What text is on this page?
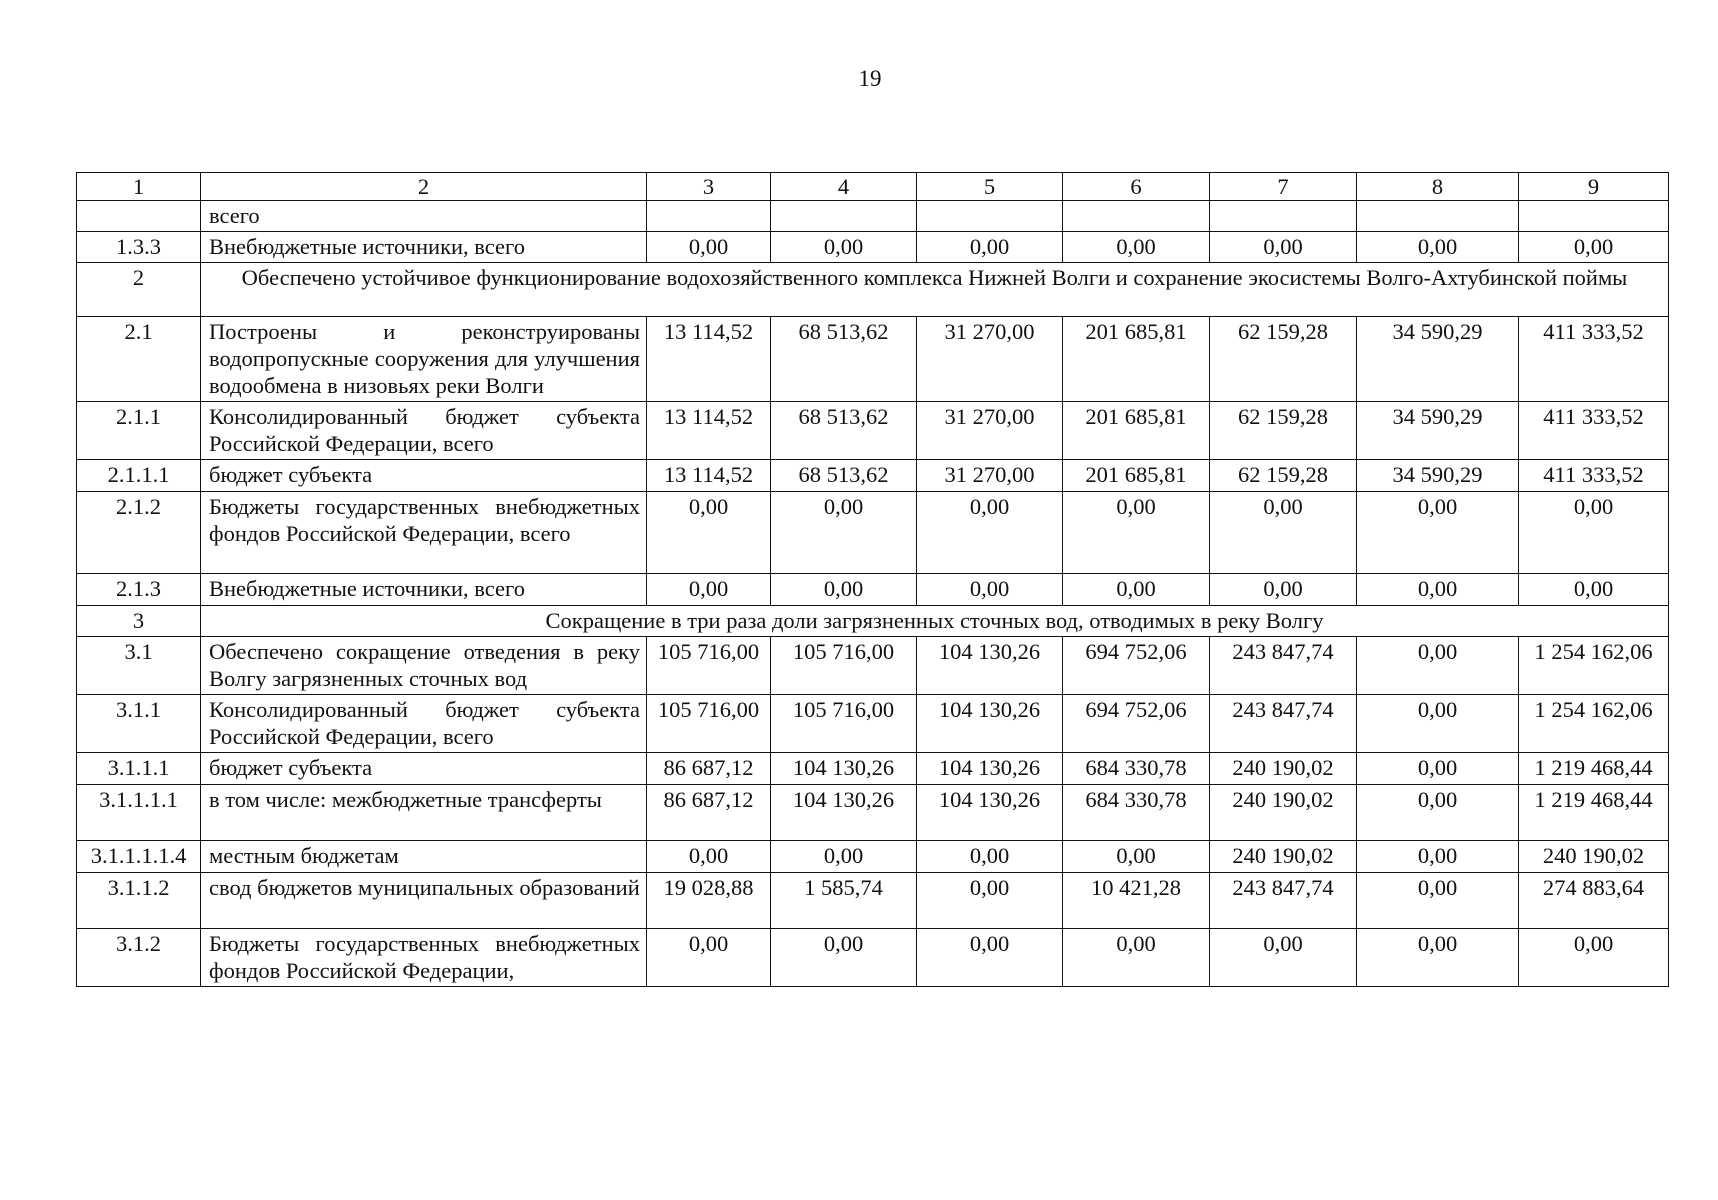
19
1	2	3	4	5	6	7	8	9
	всего							
1.3.3	Внебюджетные источники, всего	0,00	0,00	0,00	0,00	0,00	0,00	0,00
2	Обеспечено устойчивое функционирование водохозяйственного комплекса Нижней Волги и сохранение экосистемы Волго-Ахтубинской поймы							
2.1	Построены и реконструированы водопропускные сооружения для улучшения водообмена в низовьях реки Волги	13 114,52	68 513,62	31 270,00	201 685,81	62 159,28	34 590,29	411 333,52
2.1.1	Консолидированный бюджет субъекта Российской Федерации, всего	13 114,52	68 513,62	31 270,00	201 685,81	62 159,28	34 590,29	411 333,52
2.1.1.1	бюджет субъекта	13 114,52	68 513,62	31 270,00	201 685,81	62 159,28	34 590,29	411 333,52
2.1.2	Бюджеты государственных внебюджетных фондов Российской Федерации, всего	0,00	0,00	0,00	0,00	0,00	0,00	0,00
2.1.3	Внебюджетные источники, всего	0,00	0,00	0,00	0,00	0,00	0,00	0,00
3	Сокращение в три раза доли загрязненных сточных вод, отводимых в реку Волгу							
3.1	Обеспечено сокращение отведения в реку Волгу загрязненных сточных вод	105 716,00	105 716,00	104 130,26	694 752,06	243 847,74	0,00	1 254 162,06
3.1.1	Консолидированный бюджет субъекта Российской Федерации, всего	105 716,00	105 716,00	104 130,26	694 752,06	243 847,74	0,00	1 254 162,06
3.1.1.1	бюджет субъекта	86 687,12	104 130,26	104 130,26	684 330,78	240 190,02	0,00	1 219 468,44
3.1.1.1.1	в том числе: межбюджетные трансферты	86 687,12	104 130,26	104 130,26	684 330,78	240 190,02	0,00	1 219 468,44
3.1.1.1.1.4	местным бюджетам	0,00	0,00	0,00	0,00	240 190,02	0,00	240 190,02
3.1.1.2	свод бюджетов муниципальных образований	19 028,88	1 585,74	0,00	10 421,28	243 847,74	0,00	274 883,64
3.1.2	Бюджеты государственных внебюджетных фондов Российской Федерации,	0,00	0,00	0,00	0,00	0,00	0,00	0,00
